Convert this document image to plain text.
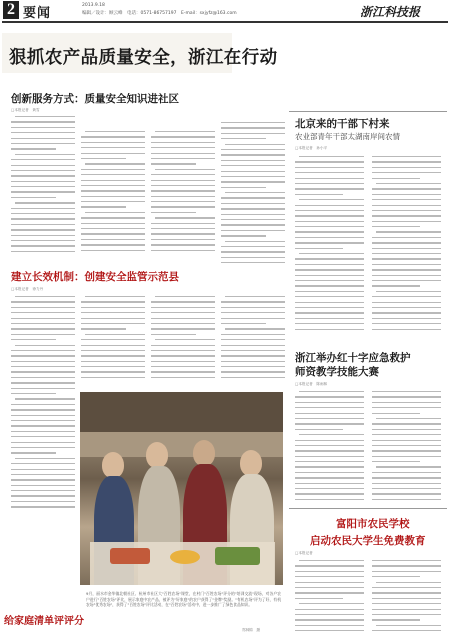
2 要闻
2013.9.18
编辑／设计：顾云峰　电话：0571-86757197　E-mail：sxjyfz@163.com	浙江科技报
狠抓农产品质量安全，浙江在行动
创新服务方式：质量安全知识进社区
□本报记者　黄雪
建立长效机制：创建安全监管示范县
□本报记者　徐力丹
给家庭清单评评分
9月，丽水市金华镇北朝社区、杭州市社区大"百姓农场"课堂，在村门"百姓农场"评分的"培训交流"现场，对各户农户进行"百姓农场"评比，展示家庭中农产品，被评为"好家庭"的农户获得了"金牌"奖励。"有机农场"评为了好，有机农场"优秀农场"，获得了"百姓农场"评比活动，在"百姓农场"活动中，进一步推广了绿色食品知识。
郑林锦　摄
北京来的干部下村来
农业部青年干部太湖南岸间农情
□本报记者　孙小平
浙江举办红十字应急救护
师资教学技能大赛
□本报记者　陈雨林
富阳市农民学校
启动农民大学生免费教育
□本报记者
